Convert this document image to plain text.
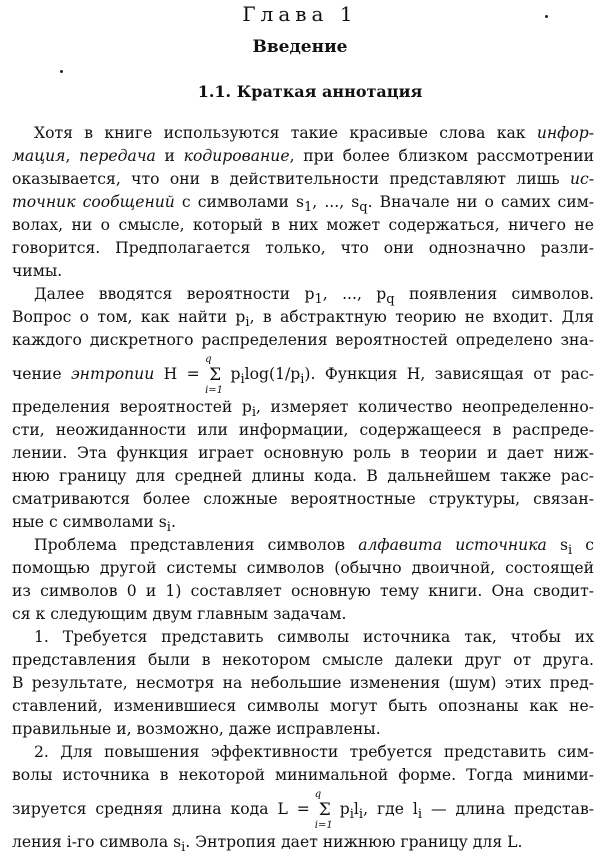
Глава 1
Введение
1.1. Краткая аннотация
Хотя в книге используются такие красивые слова как инфор-
мация, передача и кодирование, при более близком рассмотрении
оказывается, что они в действительности представляют лишь ис-
точник сообщений с символами $s_1$, ..., $s_q$. Вначале ни о самих сим-
волах, ни о смысле, который в них может содержаться, ничего не
говорится. Предполагается только, что они однозначно разли-
чимы.
Далее вводятся вероятности $p_1$, ..., $p_q$ появления символов.
Вопрос о том, как найти $p_i$, в абстрактную теорию не входит. Для
каждого дискретного распределения вероятностей определено зна-
чение энтропии H =
q
Σ
i=1
$p_i\log(1/p_i)$. Функция H, зависящая от рас-
пределения вероятностей $p_i$, измеряет количество неопределенно-
сти, неожиданности или информации, содержащееся в распреде-
лении. Эта функция играет основную роль в теории и дает ниж-
нюю границу для средней длины кода. В дальнейшем также рас-
сматриваются более сложные вероятностные структуры, связан-
ные с символами $s_i$.
Проблема представления символов алфавита источника $s_i$ с
помощью другой системы символов (обычно двоичной, состоящей
из символов 0 и 1) составляет основную тему книги. Она сводит-
ся к следующим двум главным задачам.
1. Требуется представить символы источника так, чтобы их
представления были в некотором смысле далеки друг от друга.
В результате, несмотря на небольшие изменения (шум) этих пред-
ставлений, изменившиеся символы могут быть опознаны как не-
правильные и, возможно, даже исправлены.
2. Для повышения эффективности требуется представить сим-
волы источника в некоторой минимальной форме. Тогда миними-
зируется средняя длина кода L =
q
Σ
i=1
$p_il_i$, где $l_i$ — длина представ-
ления i-го символа $s_i$. Энтропия дает нижнюю границу для L.
